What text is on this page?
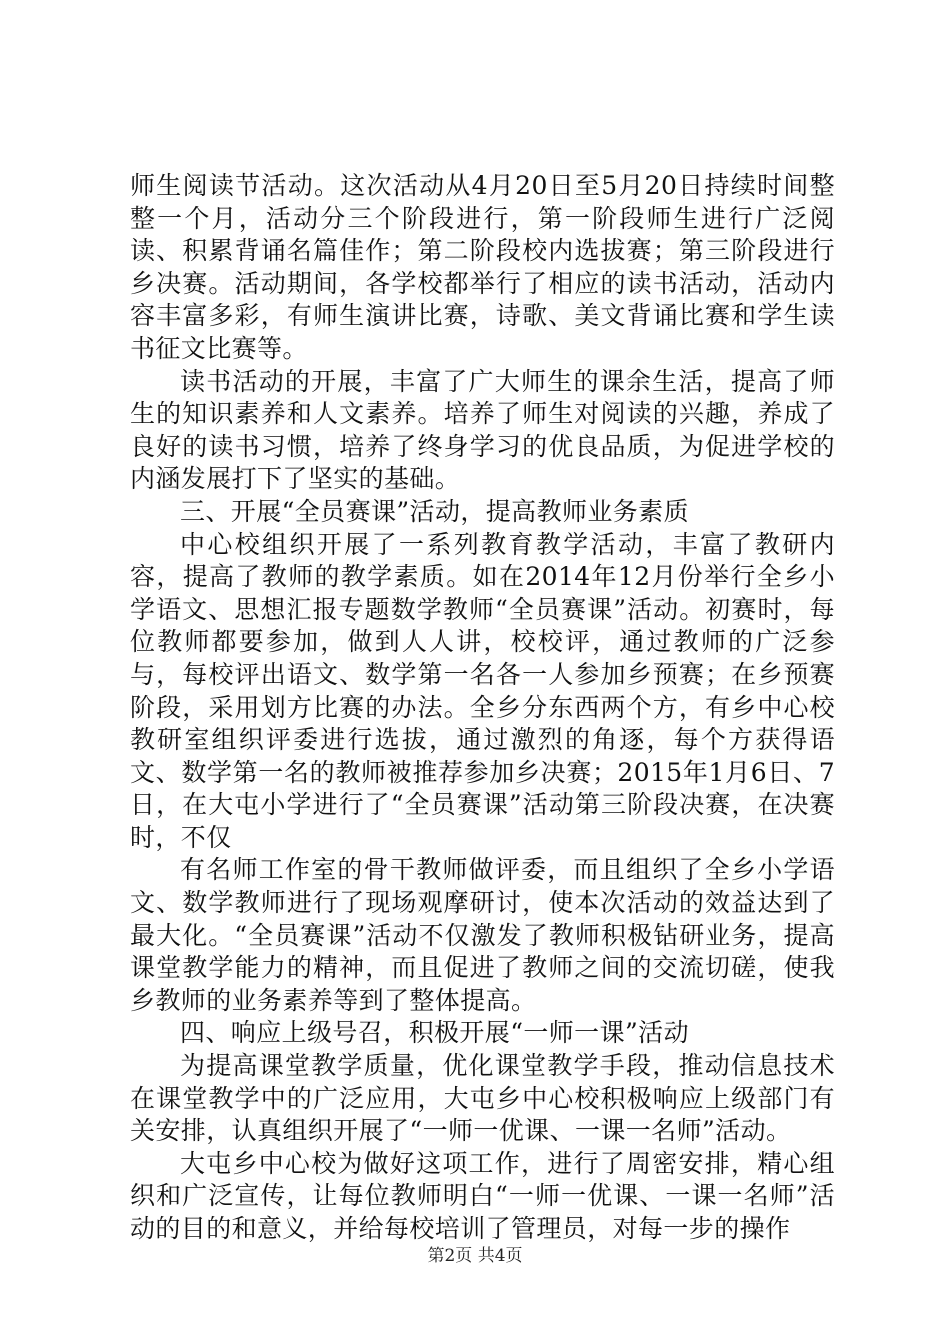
师生阅读节活动。这次活动从4月20日至5月20日持续时间整整一个月，活动分三个阶段进行，第一阶段师生进行广泛阅读、积累背诵名篇佳作；第二阶段校内选拔赛；第三阶段进行乡决赛。活动期间，各学校都举行了相应的读书活动，活动内容丰富多彩，有师生演讲比赛，诗歌、美文背诵比赛和学生读书征文比赛等。

读书活动的开展，丰富了广大师生的课余生活，提高了师生的知识素养和人文素养。培养了师生对阅读的兴趣，养成了良好的读书习惯，培养了终身学习的优良品质，为促进学校的内涵发展打下了坚实的基础。

三、开展“全员赛课”活动，提高教师业务素质

中心校组织开展了一系列教育教学活动，丰富了教研内容，提高了教师的教学素质。如在2014年12月份举行全乡小学语文、思想汇报专题数学教师“全员赛课”活动。初赛时，每位教师都要参加，做到人人讲，校校评，通过教师的广泛参与，每校评出语文、数学第一名各一人参加乡预赛；在乡预赛阶段，采用划方比赛的办法。全乡分东西两个方，有乡中心校教研室组织评委进行选拔，通过激烈的角逐，每个方获得语文、数学第一名的教师被推荐参加乡决赛；2015年1月6日、7日，在大屯小学进行了“全员赛课”活动第三阶段决赛，在决赛时，不仅

有名师工作室的骨干教师做评委，而且组织了全乡小学语文、数学教师进行了现场观摩研讨，使本次活动的效益达到了最大化。“全员赛课”活动不仅激发了教师积极钻研业务，提高课堂教学能力的精神，而且促进了教师之间的交流切磋，使我乡教师的业务素养等到了整体提高。

四、响应上级号召，积极开展“一师一课”活动

为提高课堂教学质量，优化课堂教学手段，推动信息技术在课堂教学中的广泛应用，大屯乡中心校积极响应上级部门有关安排，认真组织开展了“一师一优课、一课一名师”活动。

大屯乡中心校为做好这项工作，进行了周密安排，精心组织和广泛宣传，让每位教师明白“一师一优课、一课一名师”活动的目的和意义，并给每校培训了管理员，对每一步的操作

第2页 共4页
